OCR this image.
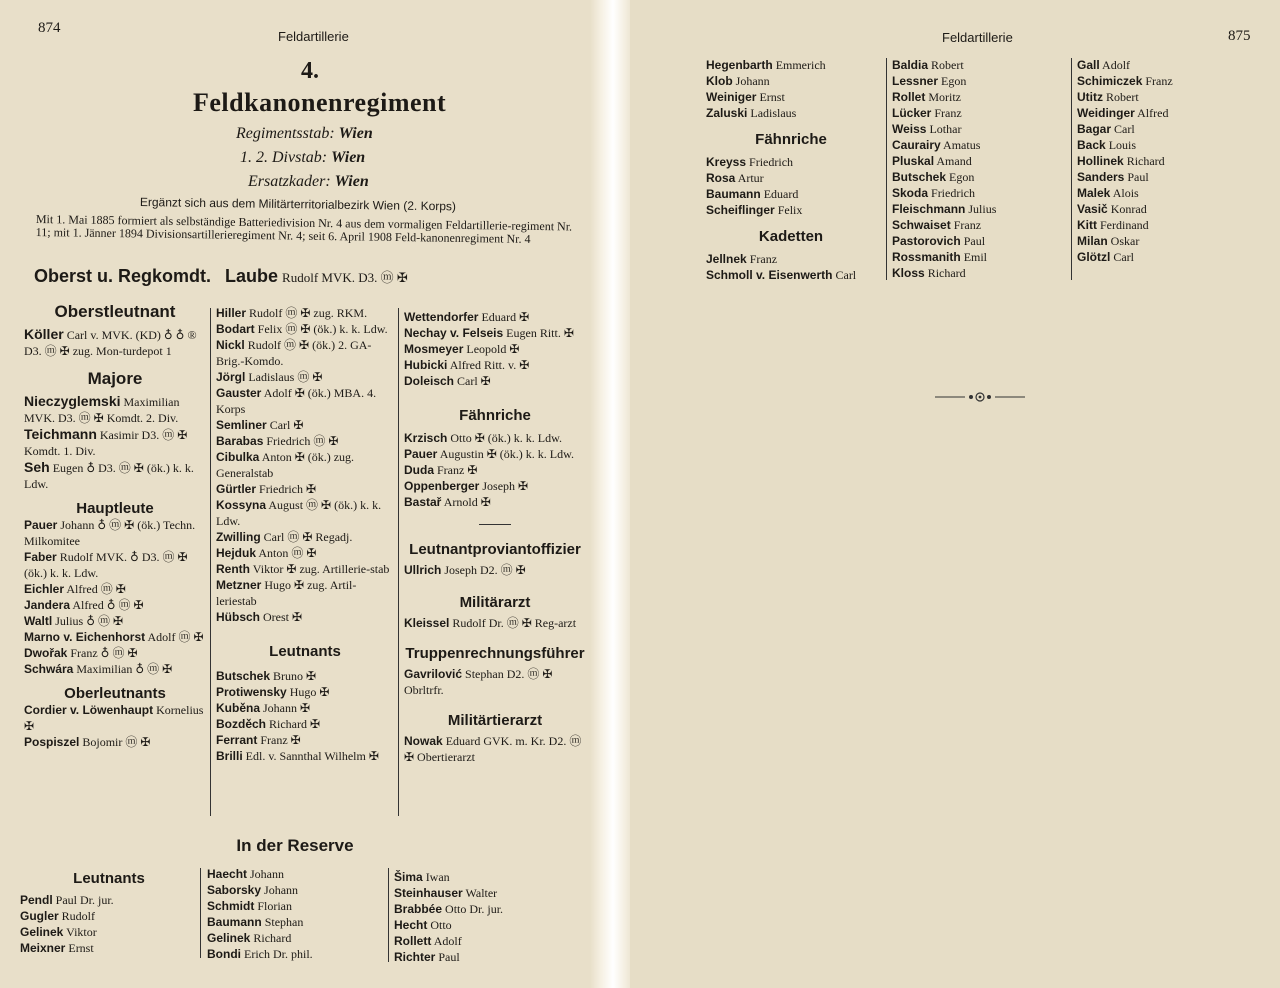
874
Feldartillerie
4.
Feldkanonenregiment
Regimentsstab: Wien
1. 2. Divstab: Wien
Ersatzkader: Wien
Ergänzt sich aus dem Militärterritorialbezirk Wien (2. Korps)
Mit 1. Mai 1885 formiert als selbständige Batteriedivision Nr. 4 aus dem vormaligen Feldartillerie-regiment Nr. 11; mit 1. Jänner 1894 Divisionsartillerieregiment Nr. 4; seit 6. April 1908 Feld-kanonenregiment Nr. 4
Oberst u. Regkomdt. Laube Rudolf MVK. D3. ⓜ ✠
Oberstleutnant

Köller Carl v. MVK. (KD) ♁ ♁ ® D3. ⓜ ✠ zug. Mon-turdepot 1

Majore

Nieczyglemski Maximilian MVK. D3. ⓜ ✠ Komdt. 2. Div.

Teichmann Kasimir D3. ⓜ ✠ Komdt. 1. Div.

Seh Eugen ♁ D3. ⓜ ✠ (ök.) k. k. Ldw.

Hauptleute

Pauer Johann ♁ ⓜ ✠ (ök.) Techn. Milkomitee

Faber Rudolf MVK. ♁ D3. ⓜ ✠ (ök.) k. k. Ldw.

Eichler Alfred ⓜ ✠

Jandera Alfred ♁ ⓜ ✠

Waltl Julius ♁ ⓜ ✠

Marno v. Eichenhorst Adolf ⓜ ✠

Dwořak Franz ♁ ⓜ ✠

Schwára Maximilian ♁ ⓜ ✠

Oberleutnants

Cordier v. Löwenhaupt Kornelius ✠

Pospiszel Bojomir ⓜ ✠

Hiller Rudolf ⓜ ✠ zug. RKM.

Bodart Felix ⓜ ✠ (ök.) k. k. Ldw.

Nickl Rudolf ⓜ ✠ (ök.) 2. GA-Brig.-Komdo.

Jörgl Ladislaus ⓜ ✠

Gauster Adolf ✠ (ök.) MBA. 4. Korps

Semliner Carl ✠

Barabas Friedrich ⓜ ✠

Cibulka Anton ✠ (ök.) zug. Generalstab

Gürtler Friedrich ✠

Kossyna August ⓜ ✠ (ök.) k. k. Ldw.

Zwilling Carl ⓜ ✠ Regadj.

Hejduk Anton ⓜ ✠

Renth Viktor ✠ zug. Artillerie-stab

Metzner Hugo ✠ zug. Artil-leriestab

Hübsch Orest ✠

Leutnants

Butschek Bruno ✠

Protiwensky Hugo ✠

Kuběna Johann ✠

Bozděch Richard ✠

Ferrant Franz ✠

Brilli Edl. v. Sannthal Wilhelm ✠

Wettendorfer Eduard ✠

Nechay v. Felseis Eugen Ritt. ✠

Mosmeyer Leopold ✠

Hubicki Alfred Ritt. v. ✠

Doleisch Carl ✠

Fähnriche

Krzisch Otto ✠ (ök.) k. k. Ldw.

Pauer Augustin ✠ (ök.) k. k. Ldw.

Duda Franz ✠

Oppenberger Joseph ✠

Bastař Arnold ✠

Leutnantproviantoffizier

Ullrich Joseph D2. ⓜ ✠

Militärarzt

Kleissel Rudolf Dr. ⓜ ✠ Reg-arzt

Truppenrechnungsführer

Gavrilović Stephan D2. ⓜ ✠ Obrltrfr.

Militärtierarzt

Nowak Eduard GVK. m. Kr. D2. ⓜ ✠ Obertierarzt

In der Reserve
Leutnants

Pendl Paul Dr. jur.

Gugler Rudolf

Gelinek Viktor

Meixner Ernst

Haecht Johann

Saborsky Johann

Schmidt Florian

Baumann Stephan

Gelinek Richard

Bondi Erich Dr. phil.

Šima Iwan

Steinhauser Walter

Brabbée Otto Dr. jur.

Hecht Otto

Rollett Adolf

Richter Paul

Feldartillerie	875

Hegenbarth Emmerich

Klob Johann

Weiniger Ernst

Zaluski Ladislaus

Fähnriche

Kreyss Friedrich

Rosa Artur

Baumann Eduard

Scheiflinger Felix

Kadetten

Jellnek Franz

Schmoll v. Eisenwerth Carl

Baldia Robert

Lessner Egon

Rollet Moritz

Lücker Franz

Weiss Lothar

Caurairy Amatus

Pluskal Amand

Butschek Egon

Skoda Friedrich

Fleischmann Julius

Schwaiset Franz

Pastorovich Paul

Rossmanith Emil

Kloss Richard

Gall Adolf

Schimiczek Franz

Utitz Robert

Weidinger Alfred

Bagar Carl

Back Louis

Hollinek Richard

Sanders Paul

Malek Alois

Vasič Konrad

Kitt Ferdinand

Milan Oskar

Glötzl Carl
